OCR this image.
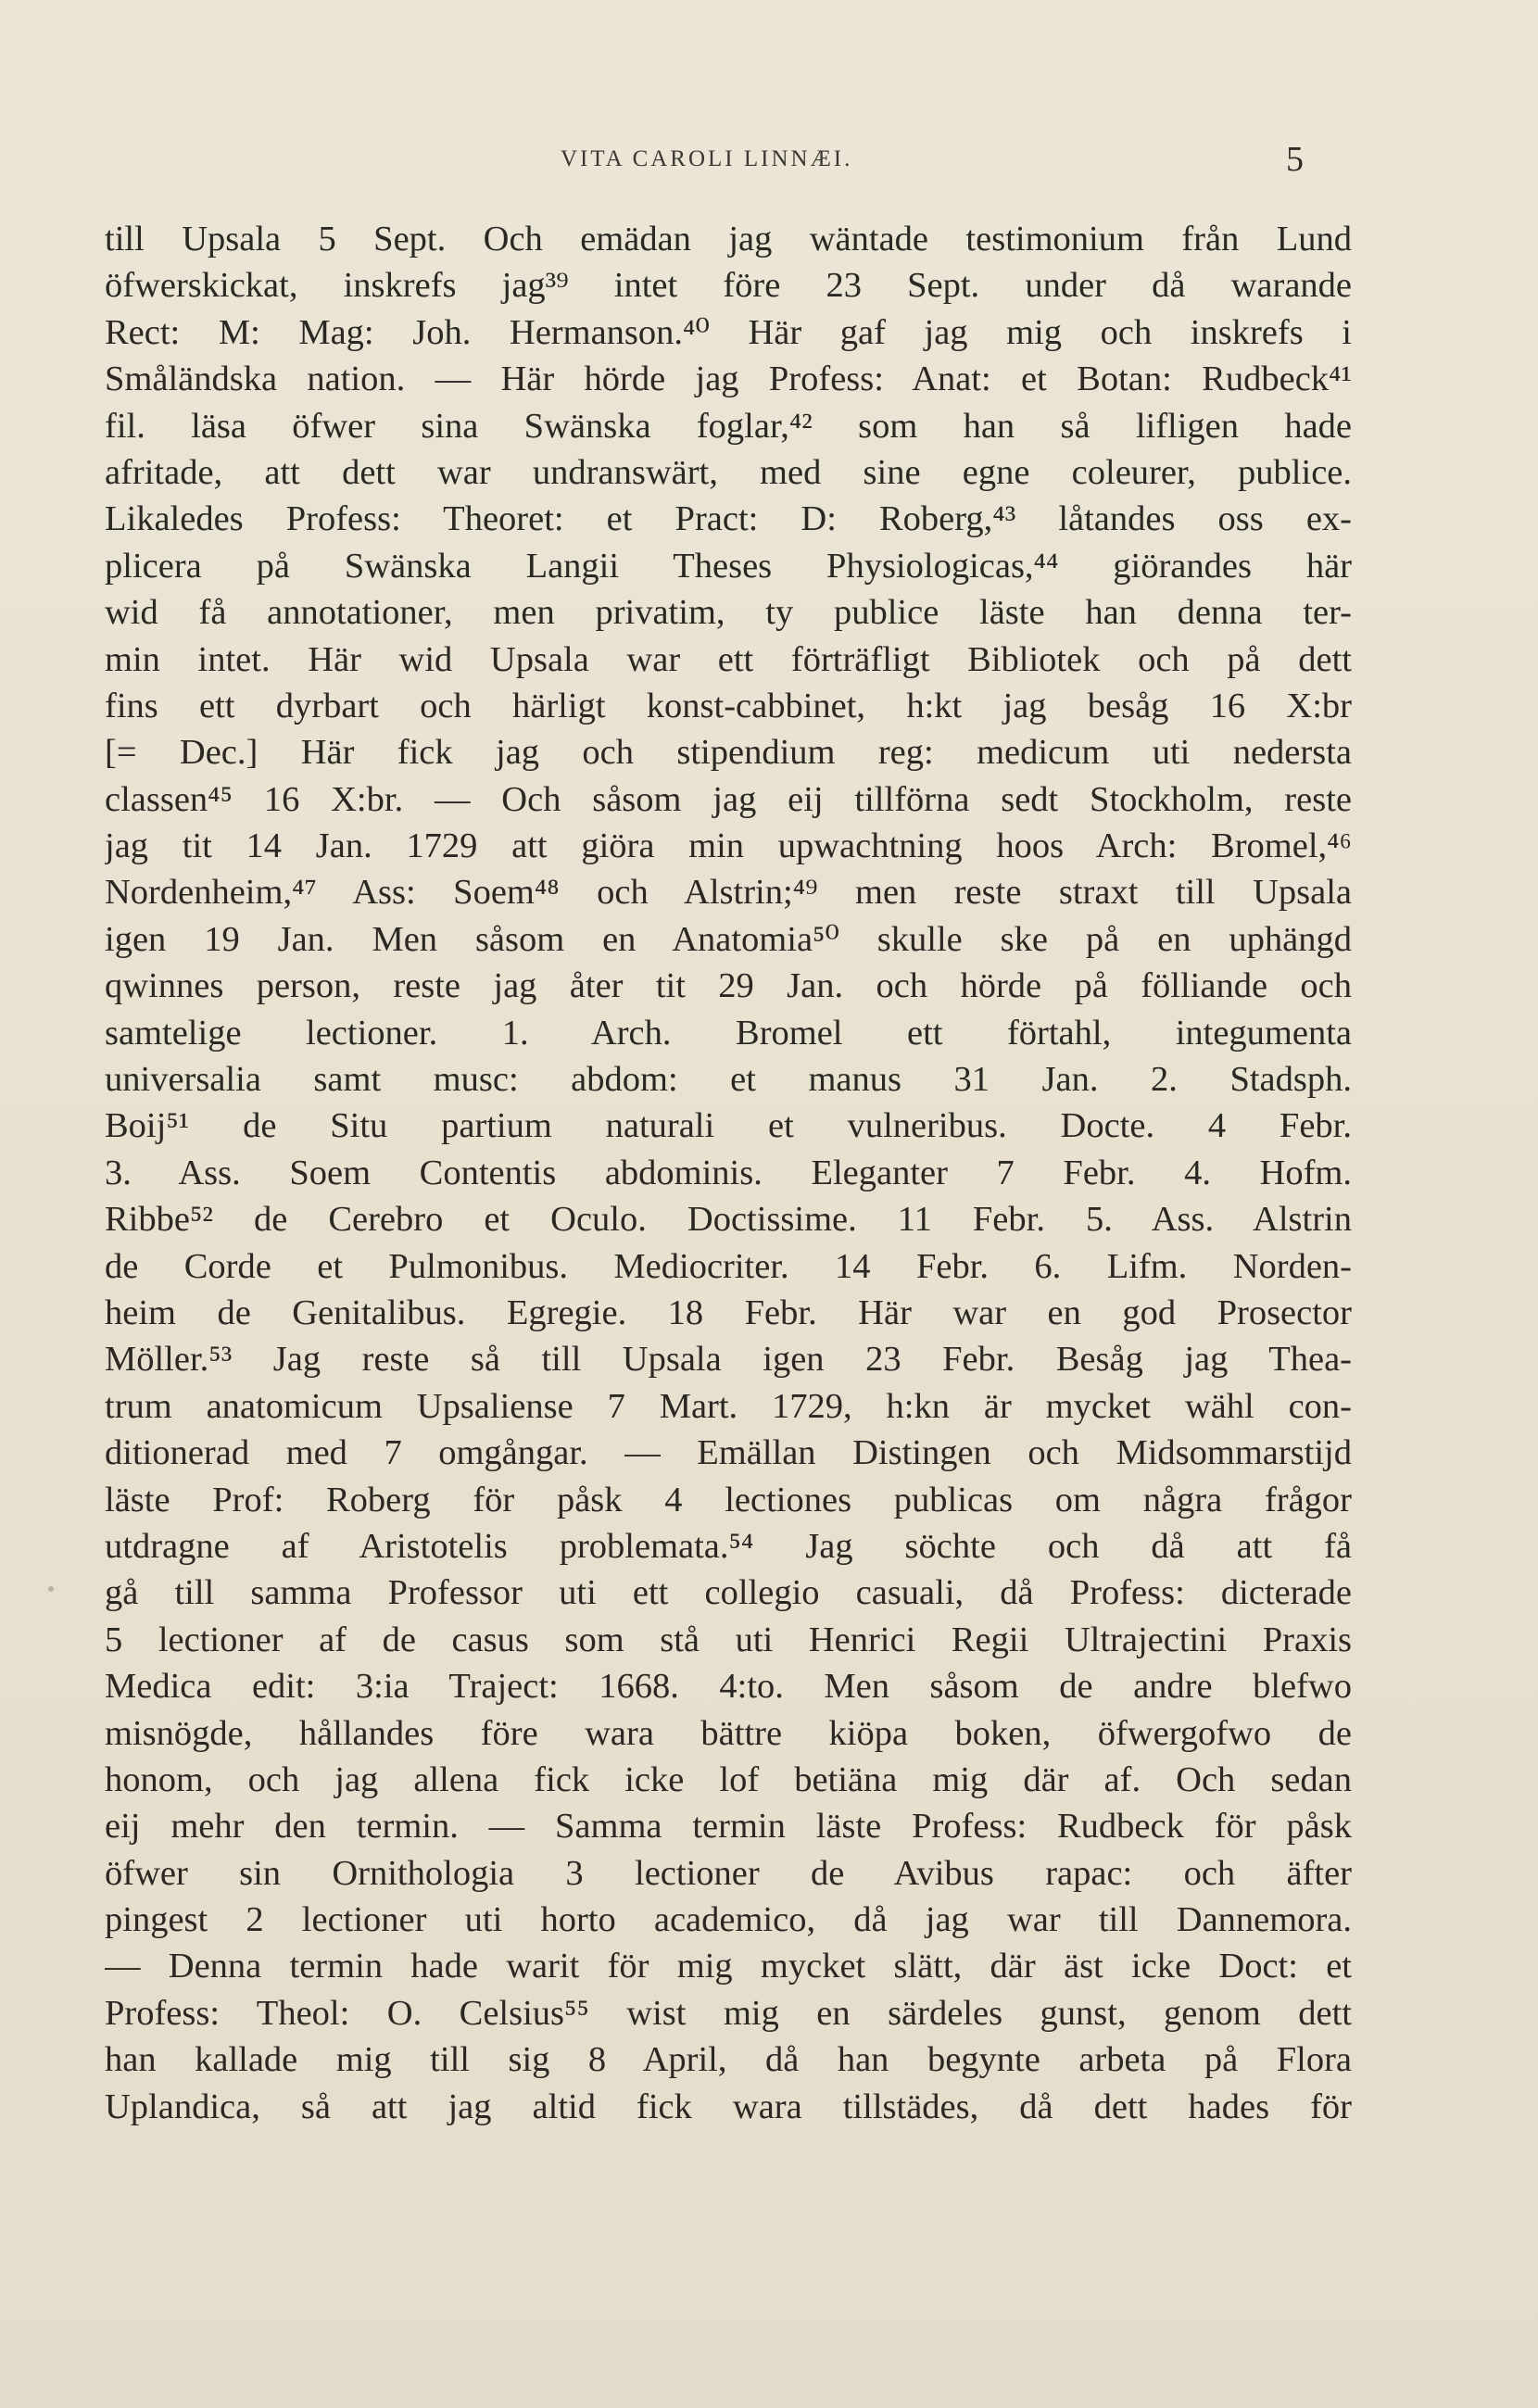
VITA CAROLI LINNÆI.	5
till Upsala 5 Sept. Och emädan jag wäntade testimonium från Lund
öfwerskickat, inskrefs jag³⁹ intet före 23 Sept. under då warande
Rect: M: Mag: Joh. Hermanson.⁴⁰ Här gaf jag mig och inskrefs i
Småländska nation. — Här hörde jag Profess: Anat: et Botan: Rudbeck⁴¹
fil. läsa öfwer sina Swänska foglar,⁴² som han så lifligen hade
afritade, att dett war undranswärt, med sine egne coleurer, publice.
Likaledes Profess: Theoret: et Pract: D: Roberg,⁴³ låtandes oss ex-
plicera på Swänska Langii Theses Physiologicas,⁴⁴ giörandes här
wid få annotationer, men privatim, ty publice läste han denna ter-
min intet. Här wid Upsala war ett förträfligt Bibliotek och på dett
fins ett dyrbart och härligt konst-cabbinet, h:kt jag besåg 16 X:br
[= Dec.] Här fick jag och stipendium reg: medicum uti nedersta
classen⁴⁵ 16 X:br. — Och såsom jag eij tillförna sedt Stockholm, reste
jag tit 14 Jan. 1729 att giöra min upwachtning hoos Arch: Bromel,⁴⁶
Nordenheim,⁴⁷ Ass: Soem⁴⁸ och Alstrin;⁴⁹ men reste straxt till Upsala
igen 19 Jan. Men såsom en Anatomia⁵⁰ skulle ske på en uphängd
qwinnes person, reste jag åter tit 29 Jan. och hörde på fölliande och
samtelige lectioner. 1. Arch. Bromel ett förtahl, integumenta
universalia samt musc: abdom: et manus 31 Jan. 2. Stadsph.
Boij⁵¹ de Situ partium naturali et vulneribus. Docte. 4 Febr.
3. Ass. Soem Contentis abdominis. Eleganter 7 Febr. 4. Hofm.
Ribbe⁵² de Cerebro et Oculo. Doctissime. 11 Febr. 5. Ass. Alstrin
de Corde et Pulmonibus. Mediocriter. 14 Febr. 6. Lifm. Norden-
heim de Genitalibus. Egregie. 18 Febr. Här war en god Prosector
Möller.⁵³ Jag reste så till Upsala igen 23 Febr. Besåg jag Thea-
trum anatomicum Upsaliense 7 Mart. 1729, h:kn är mycket wähl con-
ditionerad med 7 omgångar. — Emällan Distingen och Midsommarstijd
läste Prof: Roberg för påsk 4 lectiones publicas om några frågor
utdragne af Aristotelis problemata.⁵⁴ Jag söchte och då att få
gå till samma Professor uti ett collegio casuali, då Profess: dicterade
5 lectioner af de casus som stå uti Henrici Regii Ultrajectini Praxis
Medica edit: 3:ia Traject: 1668. 4:to. Men såsom de andre blefwo
misnögde, hållandes före wara bättre kiöpa boken, öfwergofwo de
honom, och jag allena fick icke lof betiäna mig där af. Och sedan
eij mehr den termin. — Samma termin läste Profess: Rudbeck för påsk
öfwer sin Ornithologia 3 lectioner de Avibus rapac: och äfter
pingest 2 lectioner uti horto academico, då jag war till Dannemora.
— Denna termin hade warit för mig mycket slätt, där äst icke Doct: et
Profess: Theol: O. Celsius⁵⁵ wist mig en särdeles gunst, genom dett
han kallade mig till sig 8 April, då han begynte arbeta på Flora
Uplandica, så att jag altid fick wara tillstädes, då dett hades för
